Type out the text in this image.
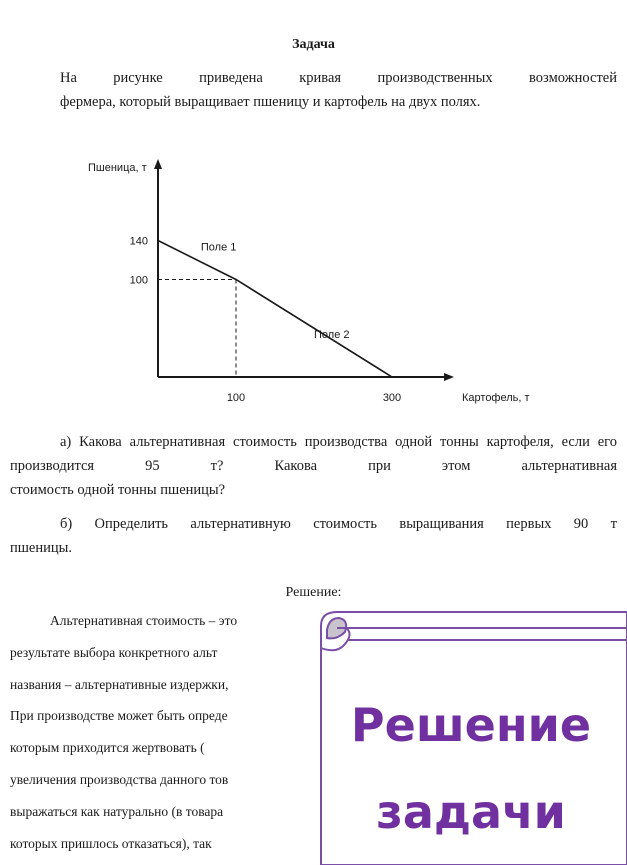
Задача
На рисунке приведена кривая производственных возможностей
фермера, который выращивает пшеницу и картофель на двух полях.
Пшеница, т
Картофель, т
140
100
100	300
Поле 1
Поле 2
а) Какова альтернативная стоимость производства одной тонны картофеля, если его производится 95 т? Какова при этом альтернативная
стоимость одной тонны пшеницы?
б) Определить альтернативную стоимость выращивания первых 90 т
пшеницы.
Решение:
Альтернативная стоимость – это
результате выбора конкретного альт
названия – альтернативные издержки,
При производстве может быть опреде
которым приходится жертвовать (
увеличения производства данного тов
выражаться как натурально (в товара
которых пришлось отказаться), так
Решение
задачи
